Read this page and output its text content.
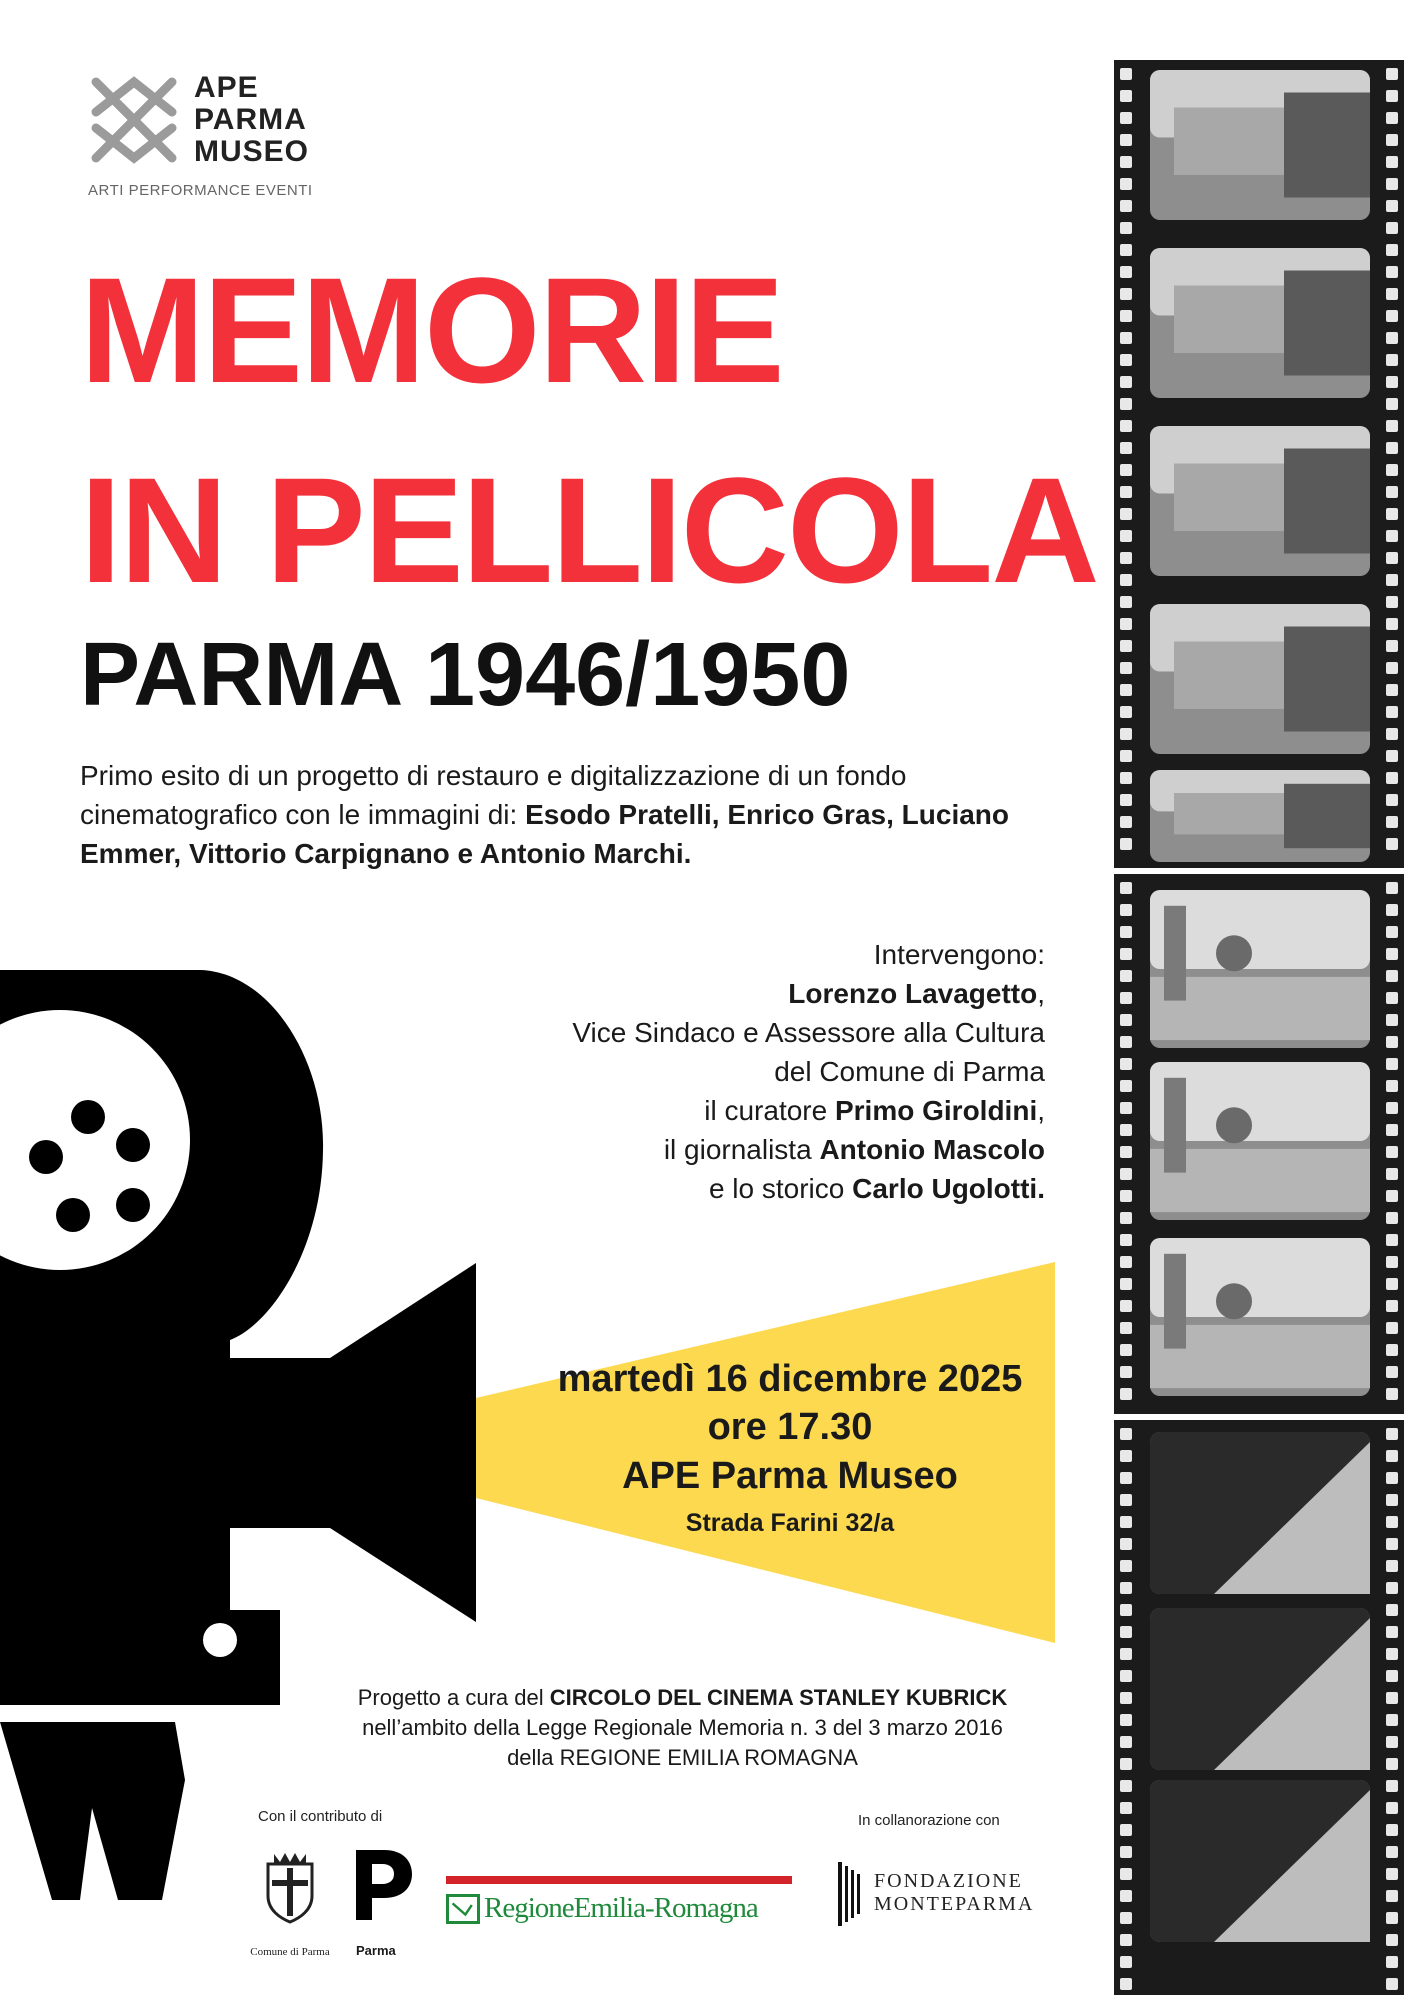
APE
PARMA
MUSEO
ARTI PERFORMANCE EVENTI
MEMORIE
IN PELLICOLA
PARMA 1946/1950
Primo esito di un progetto di restauro e digitalizzazione di un fondo cinematografico con le immagini di: Esodo Pratelli, Enrico Gras, Luciano Emmer, Vittorio Carpignano e Antonio Marchi.
Intervengono:
Lorenzo Lavagetto,
Vice Sindaco e Assessore alla Cultura
del Comune di Parma
il curatore Primo Giroldini,
il giornalista Antonio Mascolo
e lo storico Carlo Ugolotti.
martedì 16 dicembre 2025
ore 17.30
APE Parma Museo
Strada Farini 32/a
Progetto a cura del CIRCOLO DEL CINEMA STANLEY KUBRICK
nell’ambito della Legge Regionale Memoria n. 3 del 3 marzo 2016
della REGIONE EMILIA ROMAGNA
Con il contributo di	In collanorazione con
Comune di Parma	Parma
RegioneEmilia-Romagna
FONDAZIONE
MONTEPARMA
